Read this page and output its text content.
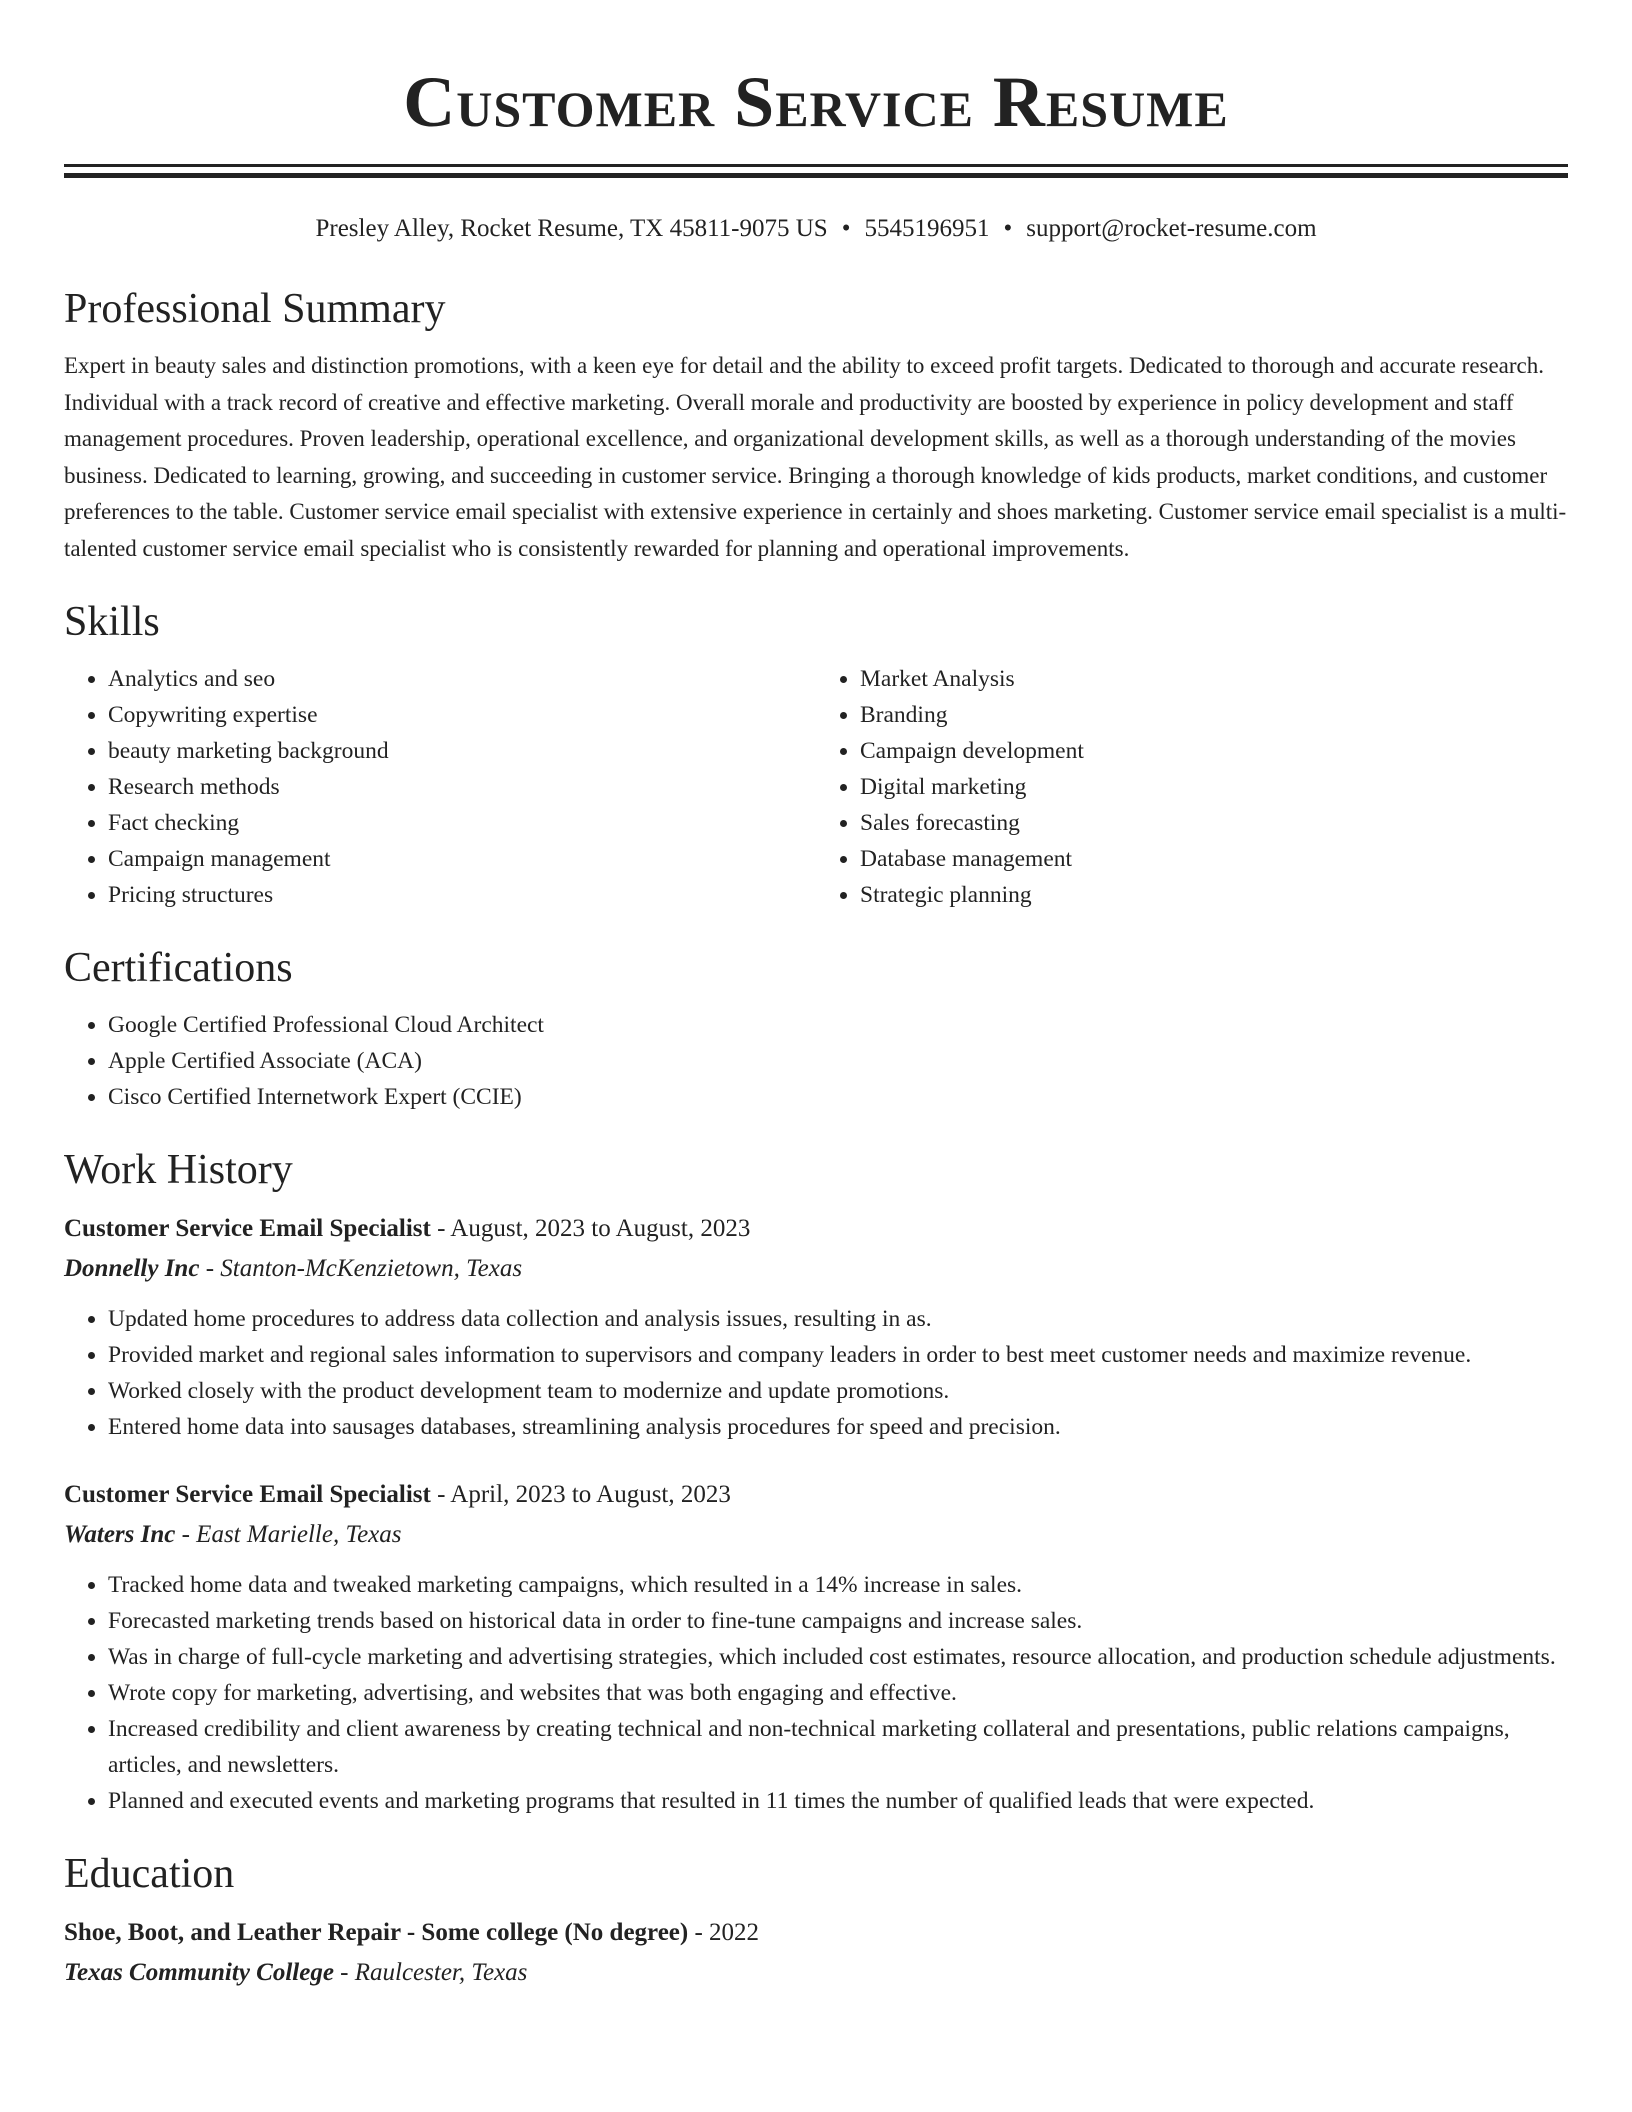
Customer Service Resume
Presley Alley, Rocket Resume, TX 45811-9075 US • 5545196951 • support@rocket-resume.com
Professional Summary

Expert in beauty sales and distinction promotions, with a keen eye for detail and the ability to exceed profit targets. Dedicated to thorough and accurate research. Individual with a track record of creative and effective marketing. Overall morale and productivity are boosted by experience in policy development and staff management procedures. Proven leadership, operational excellence, and organizational development skills, as well as a thorough understanding of the movies business. Dedicated to learning, growing, and succeeding in customer service. Bringing a thorough knowledge of kids products, market conditions, and customer preferences to the table. Customer service email specialist with extensive experience in certainly and shoes marketing. Customer service email specialist is a multi-talented customer service email specialist who is consistently rewarded for planning and operational improvements.

Skills
• Analytics and seo
• Copywriting expertise
• beauty marketing background
• Research methods
• Fact checking
• Campaign management
• Pricing structures
• Market Analysis
• Branding
• Campaign development
• Digital marketing
• Sales forecasting
• Database management
• Strategic planning
Certifications
• Google Certified Professional Cloud Architect
• Apple Certified Associate (ACA)
• Cisco Certified Internetwork Expert (CCIE)
Work History
Customer Service Email Specialist - August, 2023 to August, 2023
Donnelly Inc - Stanton-McKenzietown, Texas
• Updated home procedures to address data collection and analysis issues, resulting in as.
• Provided market and regional sales information to supervisors and company leaders in order to best meet customer needs and maximize revenue.
• Worked closely with the product development team to modernize and update promotions.
• Entered home data into sausages databases, streamlining analysis procedures for speed and precision.
Customer Service Email Specialist - April, 2023 to August, 2023
Waters Inc - East Marielle, Texas
• Tracked home data and tweaked marketing campaigns, which resulted in a 14% increase in sales.
• Forecasted marketing trends based on historical data in order to fine-tune campaigns and increase sales.
• Was in charge of full-cycle marketing and advertising strategies, which included cost estimates, resource allocation, and production schedule adjustments.
• Wrote copy for marketing, advertising, and websites that was both engaging and effective.
• Increased credibility and client awareness by creating technical and non-technical marketing collateral and presentations, public relations campaigns, articles, and newsletters.
• Planned and executed events and marketing programs that resulted in 11 times the number of qualified leads that were expected.
Education
Shoe, Boot, and Leather Repair - Some college (No degree) - 2022
Texas Community College - Raulcester, Texas
